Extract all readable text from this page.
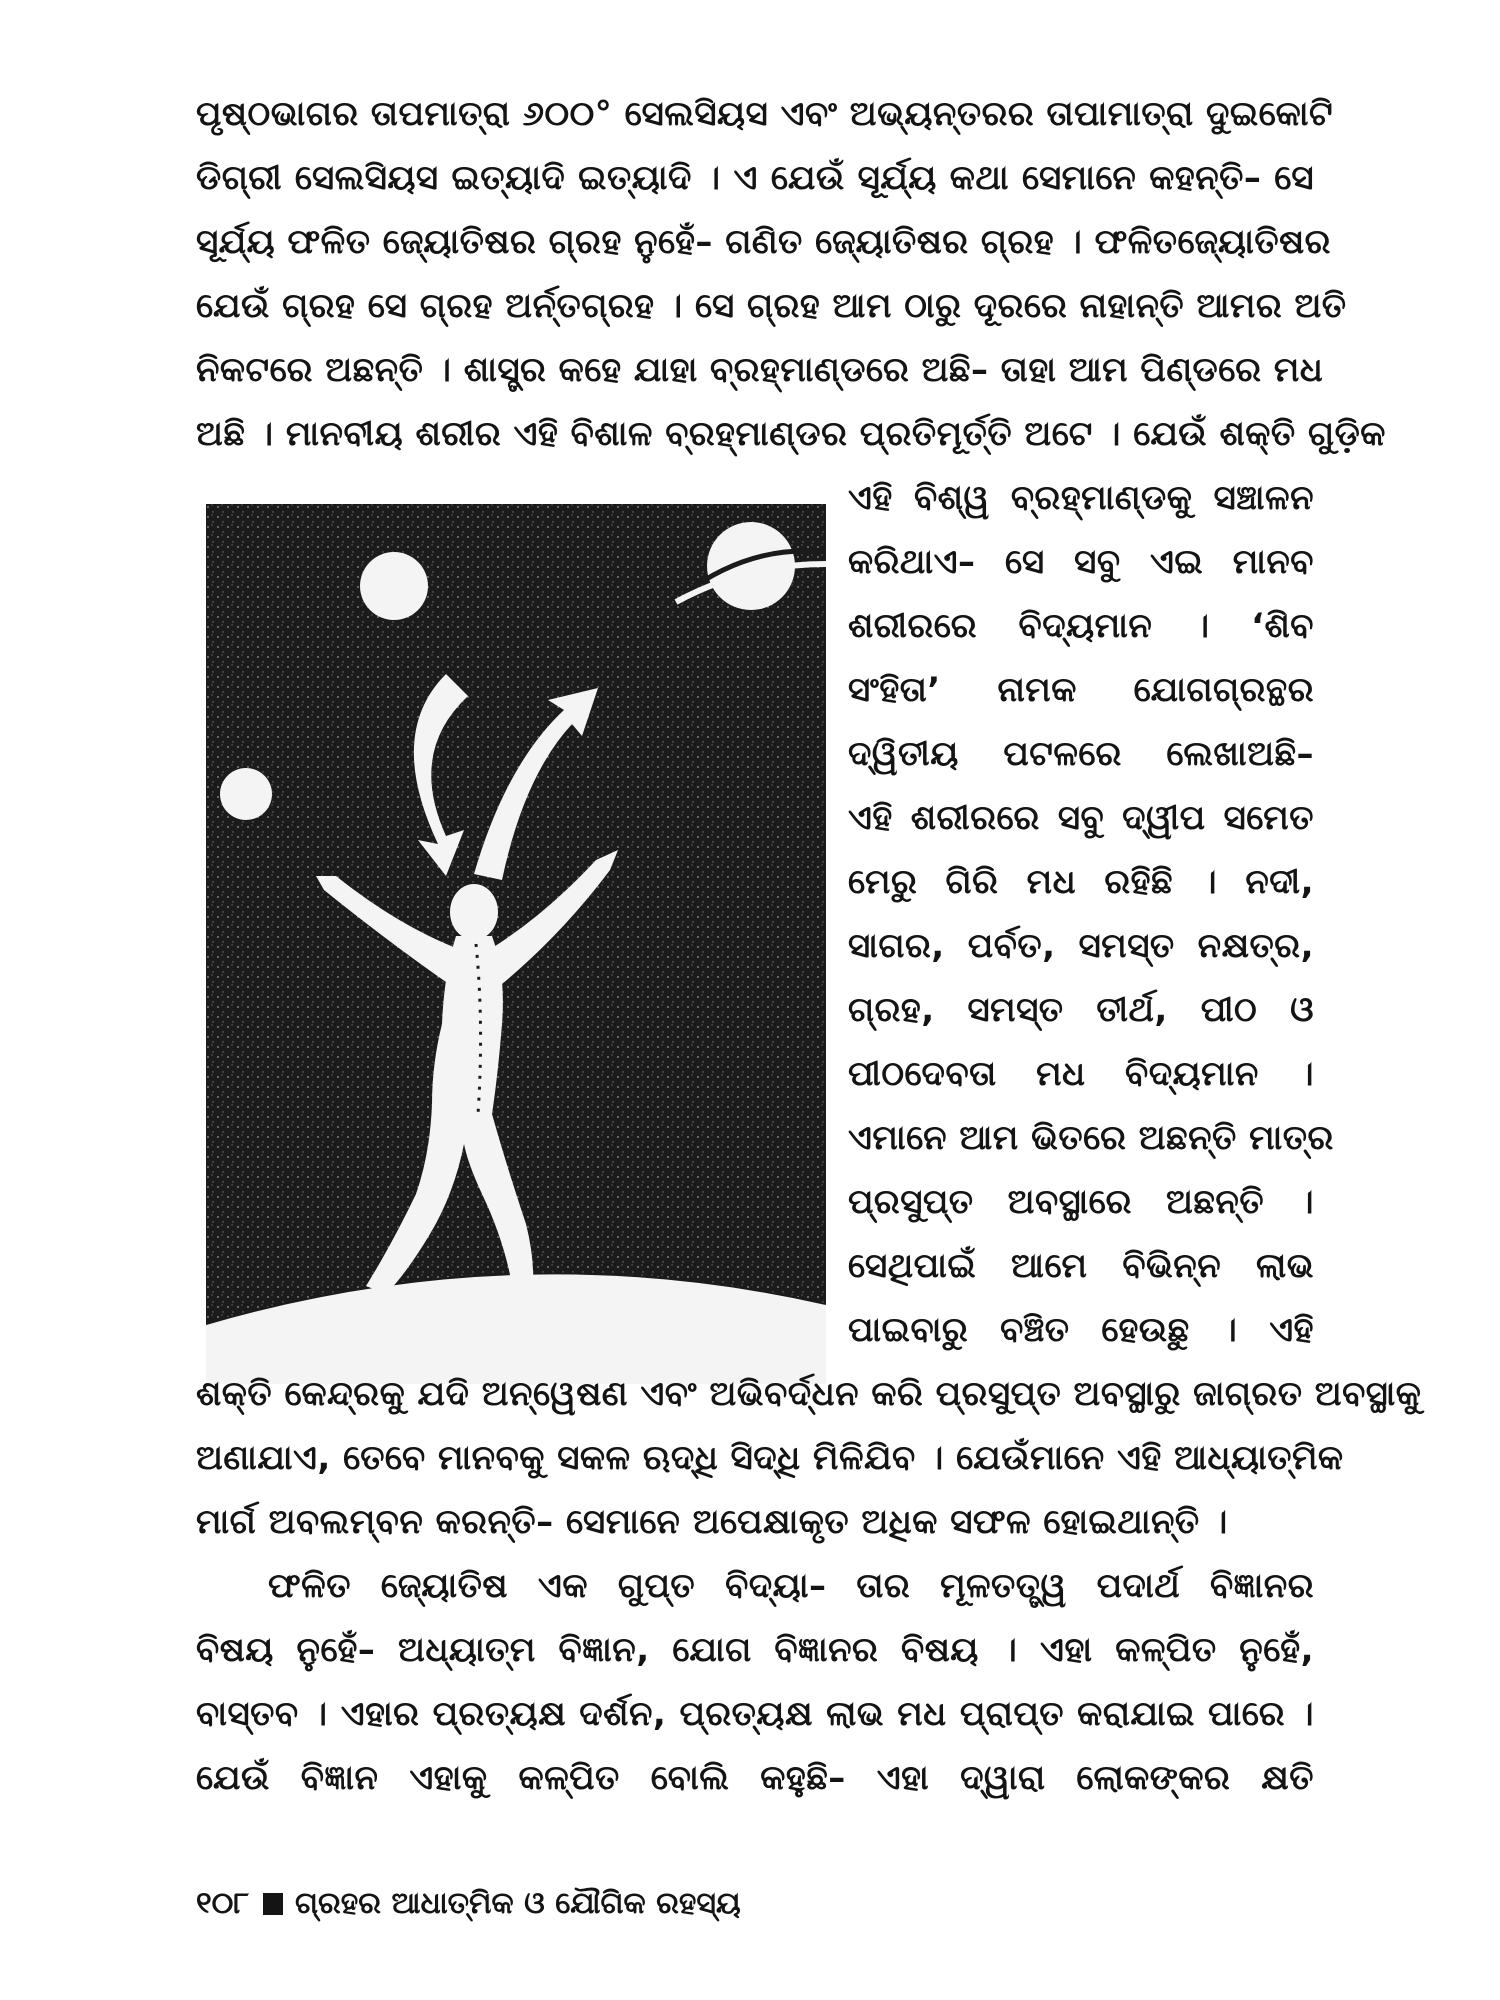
ପୃଷ୍ଠଭାଗର ତାପମାତ୍ରା ୬୦୦° ସେଲସିୟସ ଏବଂ ଅଭ୍ୟନ୍ତରର ତାପାମାତ୍ରା ଦୁଇକୋଟି
ଡିଗ୍ରୀ ସେଲସିୟସ ଇତ୍ୟାଦି ଇତ୍ୟାଦି । ଏ ଯେଉଁ ସୂର୍ଯ୍ୟ କଥା ସେମାନେ କହନ୍ତି– ସେ
ସୂର୍ଯ୍ୟ ଫଳିତ ଜ୍ୟୋତିଷର ଗ୍ରହ ନୁହେଁ– ଗଣିତ ଜ୍ୟୋତିଷର ଗ୍ରହ । ଫଳିତଜ୍ୟୋତିଷର
ଯେଉଁ ଗ୍ରହ ସେ ଗ୍ରହ ଅର୍ନ୍ତଗ୍ରହ । ସେ ଗ୍ରହ ଆମ ଠାରୁ ଦୂରରେ ନାହାନ୍ତି ଆମର ଅତି
ନିକଟରେ ଅଛନ୍ତି । ଶାସ୍ତ୍ର କହେ ଯାହା ବ୍ରହ୍ମାଣ୍ଡରେ ଅଛି– ତାହା ଆମ ପିଣ୍ଡରେ ମଧ
ଅଛି । ମାନବୀୟ ଶରୀର ଏହି ବିଶାଳ ବ୍ରହ୍ମାଣ୍ଡର ପ୍ରତିମୂର୍ତ୍ତି ଅଟେ । ଯେଉଁ ଶକ୍ତି ଗୁଡ଼ିକ
ଏହି ବିଶ୍ୱ ବ୍ରହ୍ମାଣ୍ଡକୁ ସଞ୍ଚାଳନ
କରିଥାଏ– ସେ ସବୁ ଏଇ ମାନବ
ଶରୀରରେ ବିଦ୍ୟମାନ । ‘ଶିବ
ସଂହିତା’ ନାମକ ଯୋଗଗ୍ରନ୍ଥର
ଦ୍ୱିତୀୟ ପଟଳରେ ଲେଖାଅଛି–
ଏହି ଶରୀରରେ ସବୁ ଦ୍ୱୀପ ସମେତ
ମେରୁ ଗିରି ମଧ ରହିଛି । ନଦୀ,
ସାଗର, ପର୍ବତ, ସମସ୍ତ ନକ୍ଷତ୍ର,
ଗ୍ରହ, ସମସ୍ତ ତୀର୍ଥ, ପୀଠ ଓ
ପୀଠଦେବତା ମଧ ବିଦ୍ୟମାନ ।
ଏମାନେ ଆମ ଭିତରେ ଅଛନ୍ତି ମାତ୍ର
ପ୍ରସୁପ୍ତ ଅବସ୍ଥାରେ ଅଛନ୍ତି ।
ସେଥିପାଇଁ ଆମେ ବିଭିନ୍ନ ଲାଭ
ପାଇବାରୁ ବଞ୍ଚିତ ହେଉଛୁ । ଏହି
ଶକ୍ତି କେନ୍ଦ୍ରକୁ ଯଦି ଅନ୍ୱେଷଣ ଏବଂ ଅଭିବର୍ଦ୍ଧନ କରି ପ୍ରସୁପ୍ତ ଅବସ୍ଥାରୁ ଜାଗ୍ରତ ଅବସ୍ଥାକୁ
ଅଣାଯାଏ, ତେବେ ମାନବକୁ ସକଳ ଋଦ୍ଧି ସିଦ୍ଧି ମିଳିଯିବ । ଯେଉଁମାନେ ଏହି ଆଧ୍ୟାତ୍ମିକ
ମାର୍ଗ ଅବଲମ୍ବନ କରନ୍ତି– ସେମାନେ ଅପେକ୍ଷାକୃତ ଅଧିକ ସଫଳ ହୋଇଥାନ୍ତି ।
ଫଳିତ ଜ୍ୟୋତିଷ ଏକ ଗୁପ୍ତ ବିଦ୍ୟା– ତାର ମୂଳତତ୍ତ୍ୱ ପଦାର୍ଥ ବିଜ୍ଞାନର
ବିଷୟ ନୁହେଁ– ଅଧ୍ୟାତ୍ମ ବିଜ୍ଞାନ, ଯୋଗ ବିଜ୍ଞାନର ବିଷୟ । ଏହା କଳ୍ପିତ ନୁହେଁ,
ବାସ୍ତବ । ଏହାର ପ୍ରତ୍ୟକ୍ଷ ଦର୍ଶନ, ପ୍ରତ୍ୟକ୍ଷ ଲାଭ ମଧ ପ୍ରାପ୍ତ କରାଯାଇ ପାରେ ।
ଯେଉଁ ବିଜ୍ଞାନ ଏହାକୁ କଳ୍ପିତ ବୋଲି କହୁଛି– ଏହା ଦ୍ୱାରା ଲୋକଙ୍କର କ୍ଷତି
୧୦୮ ଗ୍ରହର ଆଧାତ୍ମିକ ଓ ଯୌଗିକ ରହସ୍ୟ
